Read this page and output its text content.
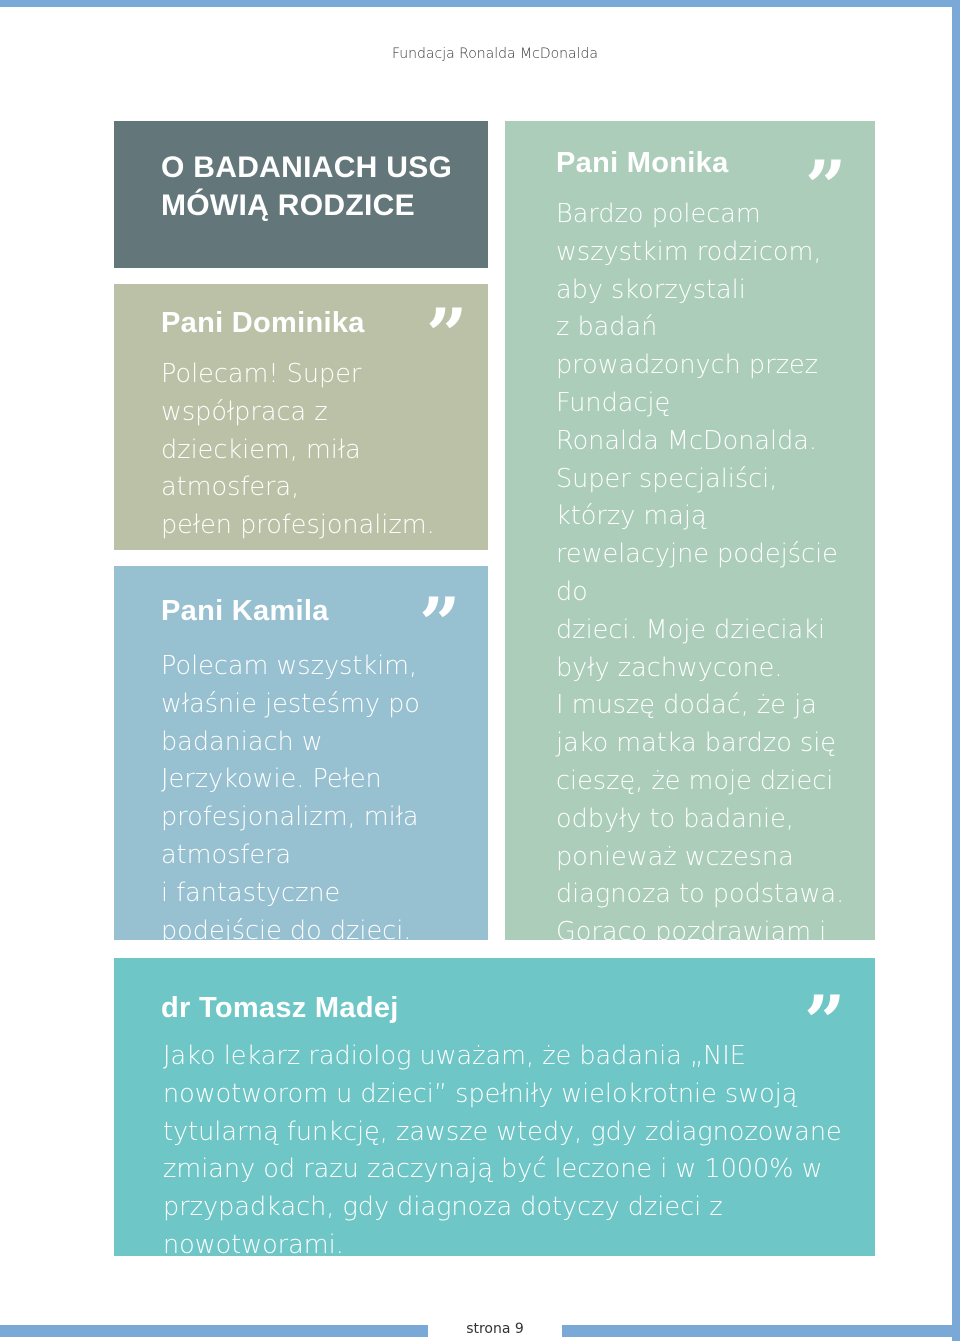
Fundacja Ronalda McDonalda
O BADANIACH USG
MÓWIĄ RODZICE
Pani Dominika ”

Polecam! Super
współpraca z dzieckiem, miła atmosfera,
pełen profesjonalizm.

Pani Kamila ”

Polecam wszystkim,
właśnie jesteśmy po
badaniach w Jerzykowie. Pełen profesjonalizm, miła atmosfera
i fantastyczne podejście do dzieci.

Pani Monika ”

Bardzo polecam
wszystkim rodzicom,
aby skorzystali
z badań prowadzonych przez Fundację
Ronalda McDonalda.
Super specjaliści,
którzy mają rewelacyjne podejście do
dzieci. Moje dzieciaki
były zachwycone.
I muszę dodać, że ja
jako matka bardzo się
cieszę, że moje dzieci
odbyły to badanie,
ponieważ wczesna
diagnoza to podstawa. Gorąco pozdrawiam i

dr Tomasz Madej	”

Jako lekarz radiolog uważam, że badania „NIE nowotworom u dzieci” spełniły wielokrotnie swoją tytularną funkcję, zawsze wtedy, gdy zdiagnozowane zmiany od razu zaczynają być leczone i w 1000% w przypadkach, gdy diagnoza dotyczy dzieci z nowotworami.

strona 9
